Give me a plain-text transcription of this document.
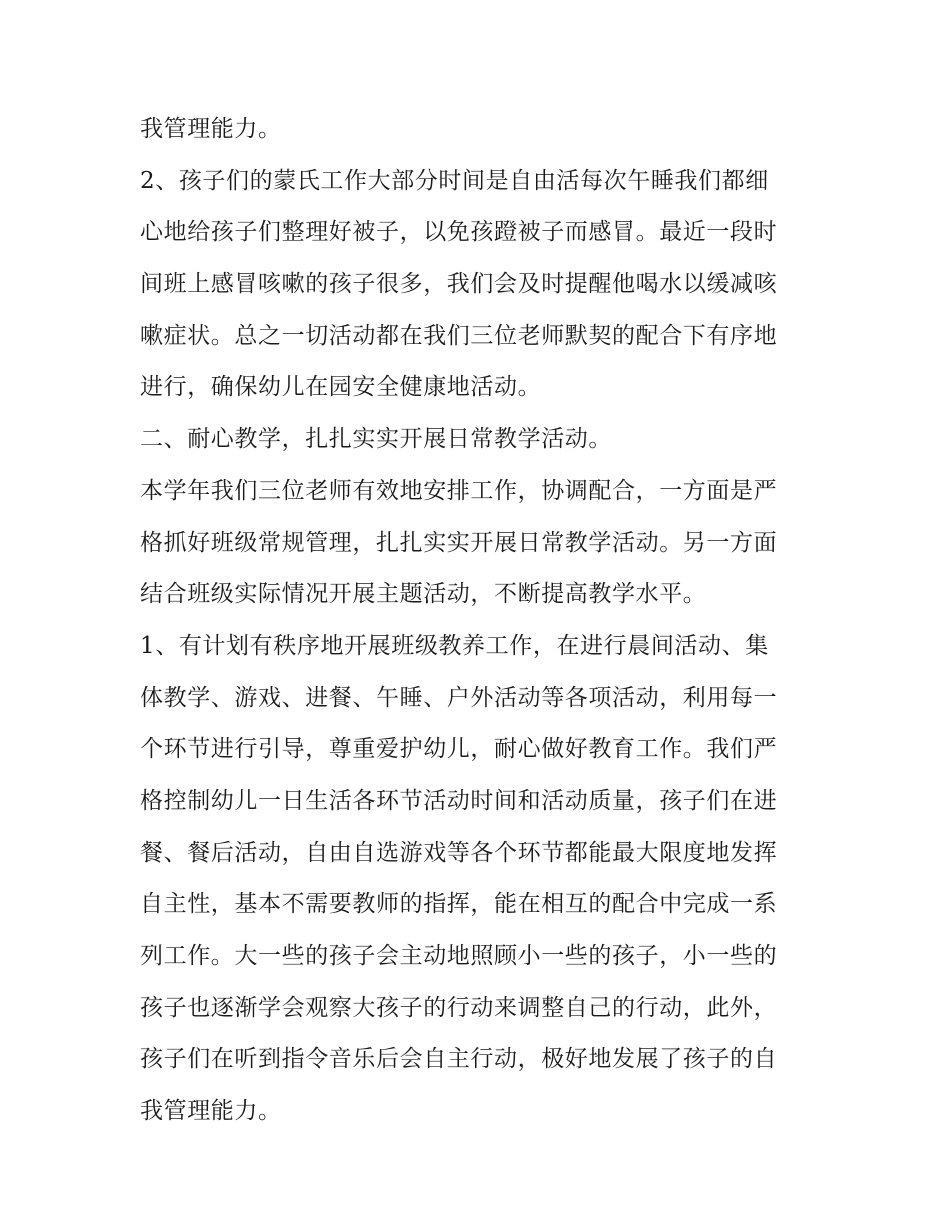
我管理能力。
2、孩子们的蒙氏工作大部分时间是自由活每次午睡我们都细
心地给孩子们整理好被子，以免孩蹬被子而感冒。最近一段时
间班上感冒咳嗽的孩子很多，我们会及时提醒他喝水以缓减咳
嗽症状。总之一切活动都在我们三位老师默契的配合下有序地
进行，确保幼儿在园安全健康地活动。
二、耐心教学，扎扎实实开展日常教学活动。
本学年我们三位老师有效地安排工作，协调配合，一方面是严
格抓好班级常规管理，扎扎实实开展日常教学活动。另一方面
结合班级实际情况开展主题活动，不断提高教学水平。
1、有计划有秩序地开展班级教养工作，在进行晨间活动、集
体教学、游戏、进餐、午睡、户外活动等各项活动，利用每一
个环节进行引导，尊重爱护幼儿，耐心做好教育工作。我们严
格控制幼儿一日生活各环节活动时间和活动质量，孩子们在进
餐、餐后活动，自由自选游戏等各个环节都能最大限度地发挥
自主性，基本不需要教师的指挥，能在相互的配合中完成一系
列工作。大一些的孩子会主动地照顾小一些的孩子，小一些的
孩子也逐渐学会观察大孩子的行动来调整自己的行动，此外，
孩子们在听到指令音乐后会自主行动，极好地发展了孩子的自
我管理能力。
